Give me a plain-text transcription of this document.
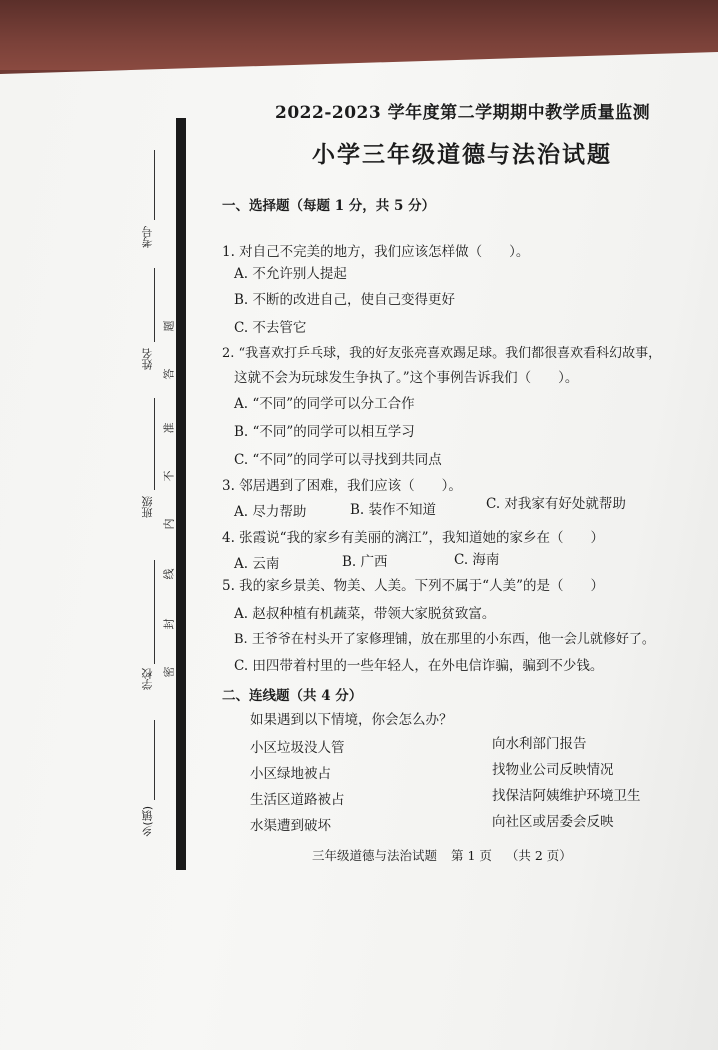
考号
姓名
班级
学校
乡(镇)
题
答
准
不
内
线
封
密
2022-2023 学年度第二学期期中教学质量监测
小学三年级道德与法治试题
一、选择题（每题 1 分，共 5 分）
1. 对自己不完美的地方，我们应该怎样做（　　）。
A. 不允许别人提起
B. 不断的改进自己，使自己变得更好
C. 不去管它
2. “我喜欢打乒乓球，我的好友张亮喜欢踢足球。我们都很喜欢看科幻故事，
这就不会为玩球发生争执了。”这个事例告诉我们（　　）。
A. “不同”的同学可以分工合作
B. “不同”的同学可以相互学习
C. “不同”的同学可以寻找到共同点
3. 邻居遇到了困难，我们应该（　　）。
A. 尽力帮助	B. 装作不知道	C. 对我家有好处就帮助
4. 张霞说“我的家乡有美丽的漓江”，我知道她的家乡在（　　）
A. 云南	B. 广西	C. 海南
5. 我的家乡景美、物美、人美。下列不属于“人美”的是（　　）
A. 赵叔种植有机蔬菜，带领大家脱贫致富。
B. 王爷爷在村头开了家修理铺，放在那里的小东西，他一会儿就修好了。
C. 田四带着村里的一些年轻人，在外电信诈骗，骗到不少钱。
二、连线题（共 4 分）
如果遇到以下情境，你会怎么办？
小区垃圾没人管
小区绿地被占
生活区道路被占
水渠遭到破坏
向水利部门报告
找物业公司反映情况
找保洁阿姨维护环境卫生
向社区或居委会反映
三年级道德与法治试题 第 1 页 （共 2 页）
